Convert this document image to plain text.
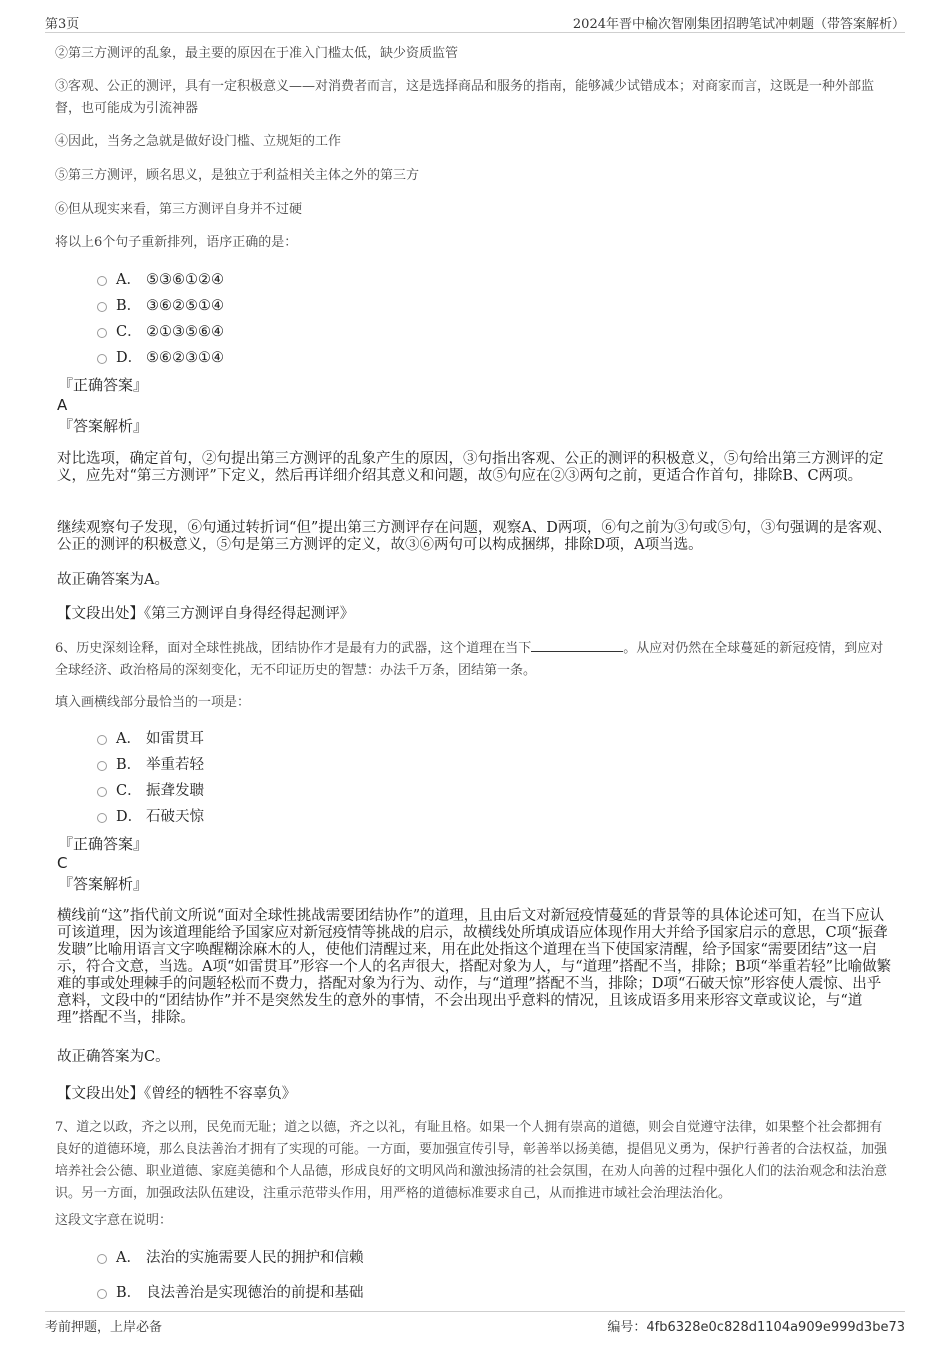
第3页	2024年晋中榆次智刚集团招聘笔试冲刺题（带答案解析）
②第三方测评的乱象，最主要的原因在于准入门槛太低，缺少资质监管
③客观、公正的测评，具有一定积极意义——对消费者而言，这是选择商品和服务的指南，能够减少试错成本；对商家而言，这既是一种外部监督，也可能成为引流神器
④因此，当务之急就是做好设门槛、立规矩的工作
⑤第三方测评，顾名思义，是独立于利益相关主体之外的第三方
⑥但从现实来看，第三方测评自身并不过硬
将以上6个句子重新排列，语序正确的是：
A． ⑤③⑥①②④
B． ③⑥②⑤①④
C． ②①③⑤⑥④
D． ⑤⑥②③①④
『正确答案』
A
『答案解析』
对比选项，确定首句，②句提出第三方测评的乱象产生的原因，③句指出客观、公正的测评的积极意义，⑤句给出第三方测评的定义，应先对“第三方测评”下定义，然后再详细介绍其意义和问题，故⑤句应在②③两句之前，更适合作首句，排除B、C两项。
继续观察句子发现，⑥句通过转折词“但”提出第三方测评存在问题，观察A、D两项，⑥句之前为③句或⑤句，③句强调的是客观、公正的测评的积极意义，⑤句是第三方测评的定义，故③⑥两句可以构成捆绑，排除D项，A项当选。
故正确答案为A。
【文段出处】《第三方测评自身得经得起测评》
6、历史深刻诠释，面对全球性挑战，团结协作才是最有力的武器，这个道理在当下	。从应对仍然在全球蔓延的新冠疫情，到应对全球经济、政治格局的深刻变化，无不印证历史的智慧：办法千万条，团结第一条。
填入画横线部分最恰当的一项是：
A． 如雷贯耳
B． 举重若轻
C． 振聋发聩
D． 石破天惊
『正确答案』
C
『答案解析』
横线前“这”指代前文所说“面对全球性挑战需要团结协作”的道理，且由后文对新冠疫情蔓延的背景等的具体论述可知，在当下应认可该道理，因为该道理能给予国家应对新冠疫情等挑战的启示，故横线处所填成语应体现作用大并给予国家启示的意思，C项“振聋发聩”比喻用语言文字唤醒糊涂麻木的人，使他们清醒过来，用在此处指这个道理在当下使国家清醒，给予国家“需要团结”这一启示，符合文意，当选。A项“如雷贯耳”形容一个人的名声很大，搭配对象为人，与“道理”搭配不当，排除；B项“举重若轻”比喻做繁难的事或处理棘手的问题轻松而不费力，搭配对象为行为、动作，与“道理”搭配不当，排除；D项“石破天惊”形容使人震惊、出乎意料，文段中的“团结协作”并不是突然发生的意外的事情，不会出现出乎意料的情况，且该成语多用来形容文章或议论，与“道理”搭配不当，排除。
故正确答案为C。
【文段出处】《曾经的牺牲不容辜负》
7、道之以政，齐之以刑，民免而无耻；道之以德，齐之以礼，有耻且格。如果一个人拥有崇高的道德，则会自觉遵守法律，如果整个社会都拥有良好的道德环境，那么良法善治才拥有了实现的可能。一方面，要加强宣传引导，彰善举以扬美德，提倡见义勇为，保护行善者的合法权益，加强培养社会公德、职业道德、家庭美德和个人品德，形成良好的文明风尚和激浊扬清的社会氛围，在劝人向善的过程中强化人们的法治观念和法治意识。另一方面，加强政法队伍建设，注重示范带头作用，用严格的道德标准要求自己，从而推进市域社会治理法治化。
这段文字意在说明：
A． 法治的实施需要人民的拥护和信赖
B． 良法善治是实现德治的前提和基础
考前押题，上岸必备	编号：4fb6328e0c828d1104a909e999d3be73
